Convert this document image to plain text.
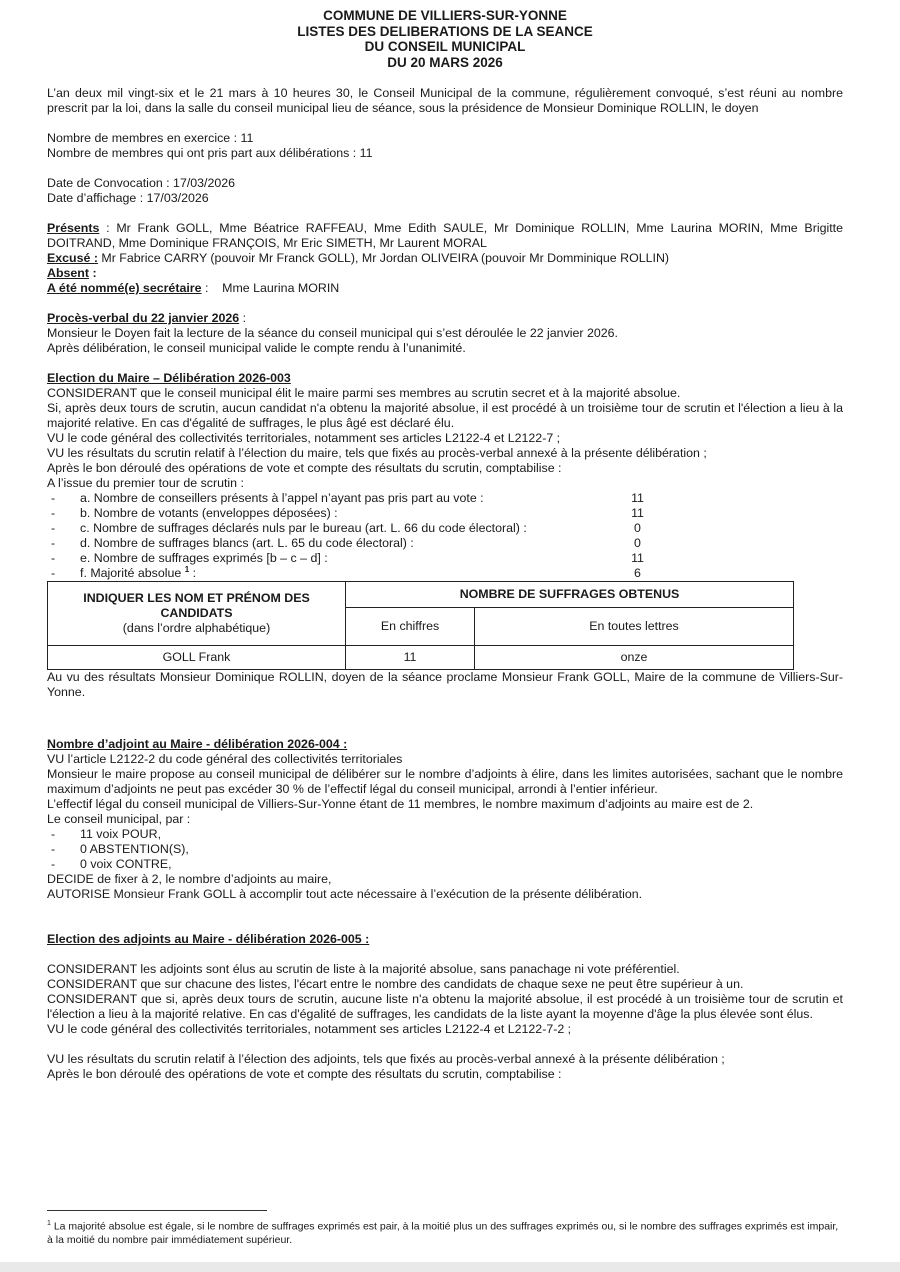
COMMUNE DE VILLIERS-SUR-YONNE
LISTES DES DELIBERATIONS DE LA SEANCE
DU CONSEIL MUNICIPAL
DU 20 MARS 2026

L’an deux mil vingt-six et le 21 mars à 10 heures 30, le Conseil Municipal de la commune, régulièrement convoqué, s’est réuni au nombre prescrit par la loi, dans la salle du conseil municipal lieu de séance, sous la présidence de Monsieur Dominique ROLLIN, le doyen

Nombre de membres en exercice : 11

Nombre de membres qui ont pris part aux délibérations : 11

Date de Convocation : 17/03/2026

Date d’affichage : 17/03/2026

Présents : Mr Frank GOLL, Mme Béatrice RAFFEAU, Mme Edith SAULE, Mr Dominique ROLLIN, Mme Laurina MORIN, Mme Brigitte DOITRAND, Mme Dominique FRANÇOIS, Mr Eric SIMETH, Mr Laurent MORAL

Excusé : Mr Fabrice CARRY (pouvoir Mr Franck GOLL), Mr Jordan OLIVEIRA (pouvoir Mr Domminique ROLLIN)

Absent :

A été nommé(e) secrétaire :    Mme Laurina MORIN

Procès-verbal du 22 janvier 2026 :

Monsieur le Doyen fait la lecture de la séance du conseil municipal qui s’est déroulée le 22 janvier 2026.

Après délibération, le conseil municipal valide le compte rendu à l’unanimité.

Election du Maire – Délibération 2026-003

CONSIDERANT que le conseil municipal élit le maire parmi ses membres au scrutin secret et à la majorité absolue.

Si, après deux tours de scrutin, aucun candidat n'a obtenu la majorité absolue, il est procédé à un troisième tour de scrutin et l'élection a lieu à la majorité relative. En cas d'égalité de suffrages, le plus âgé est déclaré élu.

VU le code général des collectivités territoriales, notamment ses articles L2122-4 et L2122-7 ;

VU les résultats du scrutin relatif à l’élection du maire, tels que fixés au procès-verbal annexé à la présente délibération ;

Après le bon déroulé des opérations de vote et compte des résultats du scrutin, comptabilise :

A l’issue du premier tour de scrutin :

-	a. Nombre de conseillers présents à l’appel n’ayant pas pris part au vote :	11
-	b. Nombre de votants (enveloppes déposées) :	11
-	c. Nombre de suffrages déclarés nuls par le bureau (art. L. 66 du code électoral) :	0
-	d. Nombre de suffrages blancs (art. L. 65 du code électoral) :	0
-	e. Nombre de suffrages exprimés [b – c – d] :	11
-	f. Majorité absolue $^1$ :	6
INDIQUER LES NOM ET PRÉNOM DES CANDIDATS
(dans l’ordre alphabétique)	NOMBRE DE SUFFRAGES OBTENUS	
	En chiffres	En toutes lettres
GOLL Frank	11	onze

Au vu des résultats Monsieur Dominique ROLLIN, doyen de la séance proclame Monsieur Frank GOLL, Maire de la commune de Villiers-Sur-Yonne.

Nombre d’adjoint au Maire - délibération 2026-004 :

VU l’article L2122-2 du code général des collectivités territoriales

Monsieur le maire propose au conseil municipal de délibérer sur le nombre d’adjoints à élire, dans les limites autorisées, sachant que le nombre maximum d’adjoints ne peut pas excéder 30 % de l’effectif légal du conseil municipal, arrondi à l’entier inférieur.

L’effectif légal du conseil municipal de Villiers-Sur-Yonne étant de 11 membres, le nombre maximum d’adjoints au maire est de 2.

Le conseil municipal, par :

-	11 voix POUR,
-	0 ABSTENTION(S),
-	0 voix CONTRE,

DECIDE de fixer à 2, le nombre d’adjoints au maire,

AUTORISE Monsieur Frank GOLL à accomplir tout acte nécessaire à l’exécution de la présente délibération.

Election des adjoints au Maire - délibération 2026-005 :

CONSIDERANT les adjoints sont élus au scrutin de liste à la majorité absolue, sans panachage ni vote préférentiel.

CONSIDERANT que sur chacune des listes, l'écart entre le nombre des candidats de chaque sexe ne peut être supérieur à un.

CONSIDERANT que si, après deux tours de scrutin, aucune liste n'a obtenu la majorité absolue, il est procédé à un troisième tour de scrutin et l'élection a lieu à la majorité relative. En cas d'égalité de suffrages, les candidats de la liste ayant la moyenne d'âge la plus élevée sont élus.

VU le code général des collectivités territoriales, notamment ses articles L2122-4 et L2122-7-2 ;

VU les résultats du scrutin relatif à l’élection des adjoints, tels que fixés au procès-verbal annexé à la présente délibération ;

Après le bon déroulé des opérations de vote et compte des résultats du scrutin, comptabilise :

$^1$ La majorité absolue est égale, si le nombre de suffrages exprimés est pair, à la moitié plus un des suffrages exprimés ou, si le nombre des suffrages exprimés est impair, à la moitié du nombre pair immédiatement supérieur.
